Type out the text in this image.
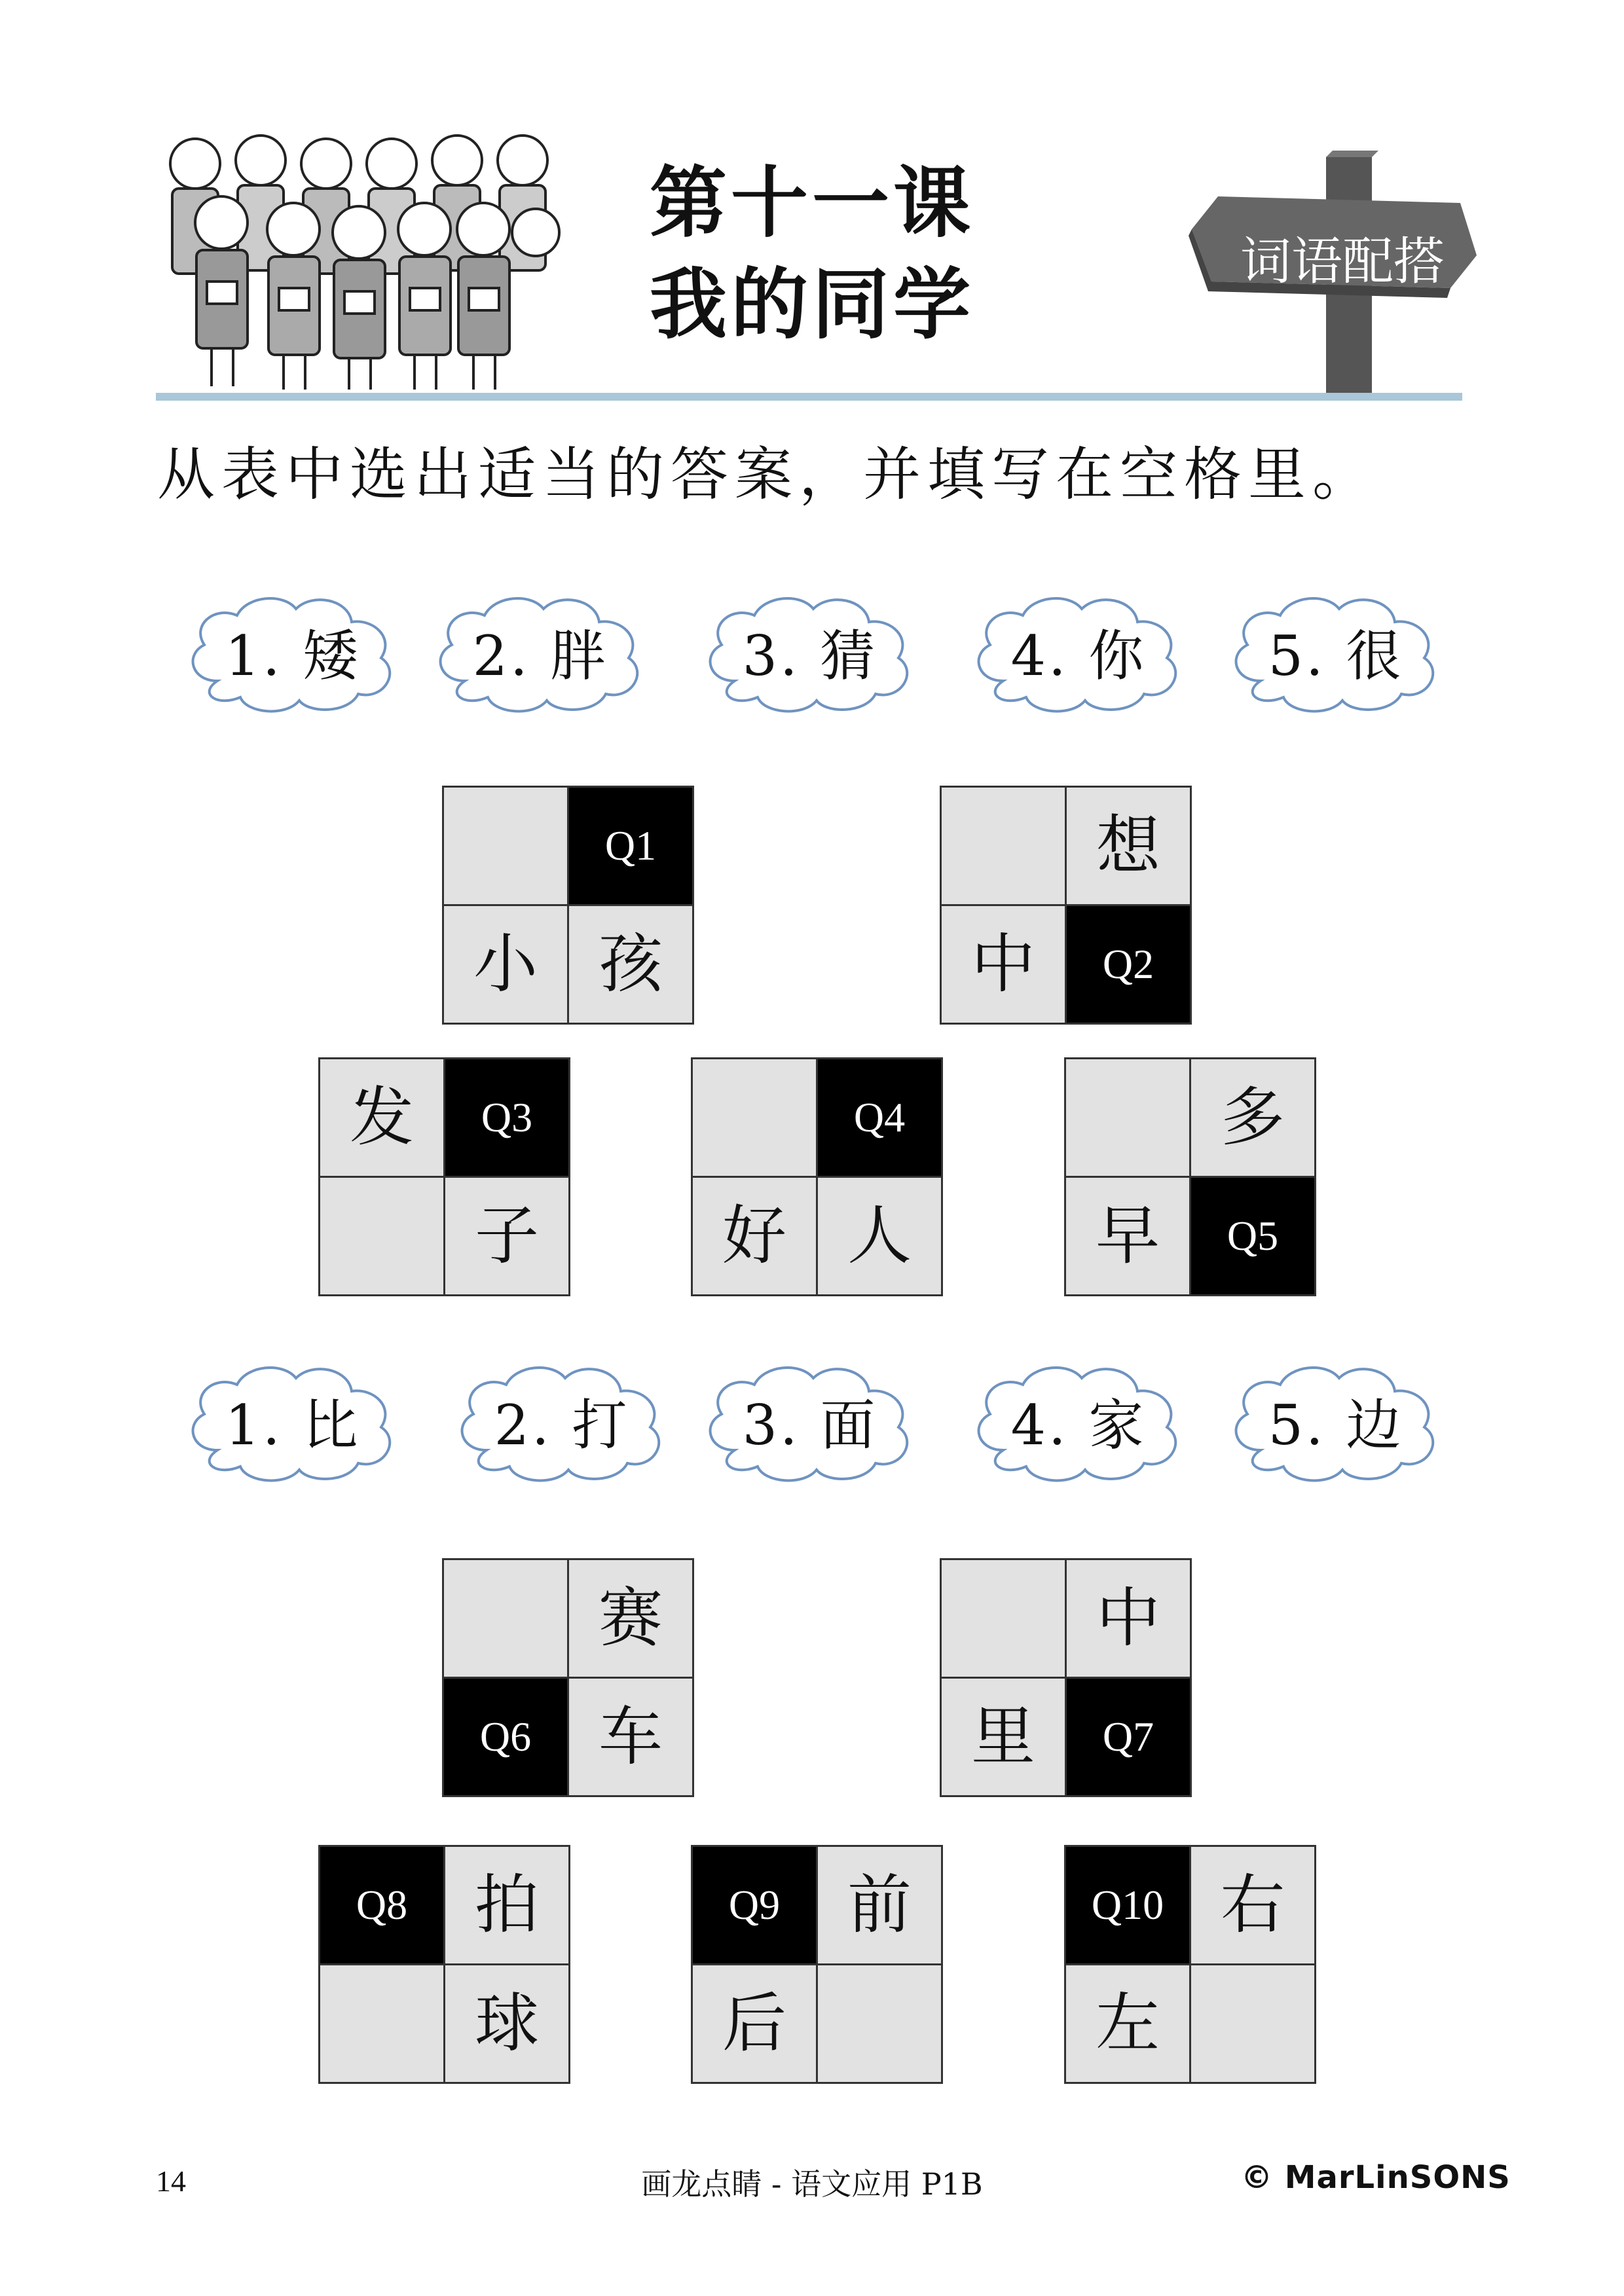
第十一课
我的同学	词语配搭
从表中选出适当的答案，并填写在空格里。
1. 矮	2. 胖	3. 猜	4. 你	5. 很
Q1
小 孩
想
中	Q2
发	Q3
子
Q4
好 人
多
早	Q5
1. 比	2. 打	3. 面	4. 家	5. 边
赛
Q6	车
中
里	Q7
Q8	拍
球
Q9	前
后
Q10 右
左
14	画龙点睛 - 语文应用 P1B	© MarLinSONS
